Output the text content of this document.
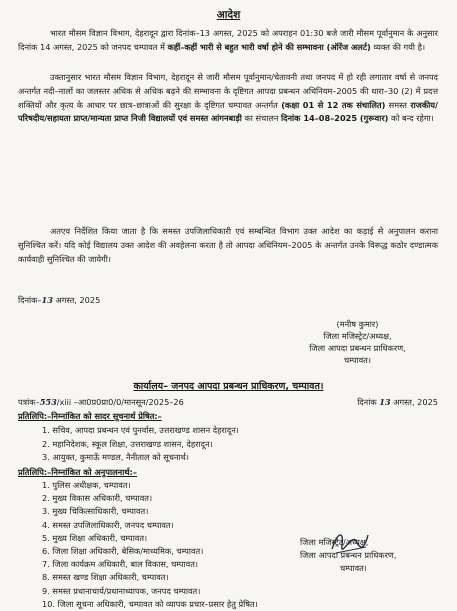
आदेश

भारत मौसम विज्ञान विभाग, देहरादून द्वारा दिनांक–13 अगस्त, 2025 को अपराहन 01:30 बजे जारी मौसम पूर्वानुमान के अनुसार दिनांक 14 अगस्त, 2025 को जनपद चम्पावत में कहीं–कहीं भारी से बहुत भारी वर्षा होने की सम्भावना (ऑरेंज अलर्ट) व्यक्त की गयी है।

उक्तानुसार भारत मौसम विज्ञान विभाग, देहरादून से जारी मौसम पूर्वानुमान/चेतावनी तथा जनपद में हो रही लगातार वर्षा से जनपद अन्तर्गत नदी–नालों का जलस्तर अधिक से अधिक बढ़ने की सम्भावना के दृष्टिगत आपदा प्रबन्धन अधिनियम–2005 की धारा–30 (2) में प्रदत्त शक्तियों और कृत्य के आधार पर छात्र–छात्राओं की सुरक्षा के दृष्टिगत चम्पावत अन्तर्गत (कक्षा 01 से 12 तक संचालित) समस्त राजकीय/परिषदीय/सहायता प्राप्त/मान्यता प्राप्त निजी विद्यालयों एवं समस्त आंगनबाड़ी का संचालन दिनांक 14–08–2025 (गुरूवार) को बन्द रहेगा।

अतएव निर्देशित किया जाता है कि समस्त उपजिलाधिकारी एवं सम्बन्धित विभाग उक्त आदेश का कड़ाई से अनुपालन कराना सुनिश्चित करें। यदि कोई विद्यालय उक्त आदेश की अवहेलना करता है तो आपदा अधिनियम–2005 के अन्तर्गत उनके विरूद्ध कठोर दण्डात्मक कार्यवाही सुनिश्चित की जायेगी।

दिनांक–13 अगस्त, 2025
(मनीष कुमार)
जिला मजिस्ट्रेट/अध्यक्ष,
जिला आपदा प्रबन्धन प्राधिकरण,
चम्पावत।
कार्यालय– जनपद आपदा प्रबन्धन प्राधिकरण, चम्पावत।
पत्रांक–553/xiii –आ0प्र0प्रा0/0/मानसून/2025–26	दिनांक 13 अगस्त, 2025
प्रतिलिपि:–निम्नांकित को सादर सूचनार्थ प्रेषित:–
1. सचिव, आपदा प्रबन्धन एवं पुनर्वास, उत्तराखण्ड शासन देहरादून।
2. महानिदेशक, स्कूल शिक्षा, उत्तराखण्ड शासन, देहरादून।
3. आयुक्त, कुमाऊँ मण्डल, नैनीताल को सूचनार्थ।
प्रतिलिपि:–निम्नांकित को अनुपालनार्थ:–
1. पुलिस अधीक्षक, चम्पावत।
2. मुख्य विकास अधिकारी, चम्पावत।
3. मुख्य चिकित्साधिकारी, चम्पावत।
4. समस्त उपजिलाधिकारी, जनपद चम्पावत।
5. मुख्य शिक्षा अधिकारी, चम्पावत।
6. जिला शिक्षा अधिकारी, बेसिक/माध्यमिक, चम्पावत।
7. जिला कार्यक्रम अधिकारी, बाल विकास, चम्पावत।
8. समस्त खण्ड शिक्षा अधिकारी, चम्पावत।
9. समस्त प्रधानाचार्य/प्रधानाध्यापक, जनपद चम्पावत।
10. जिला सूचना अधिकारी, चम्पावत को व्यापक प्रचार–प्रसार हेतु प्रेषित।
जिला मजिस्ट्रेट/अध्यक्ष,
जिला आपदा प्रबन्धन प्राधिकरण,
चम्पावत।
